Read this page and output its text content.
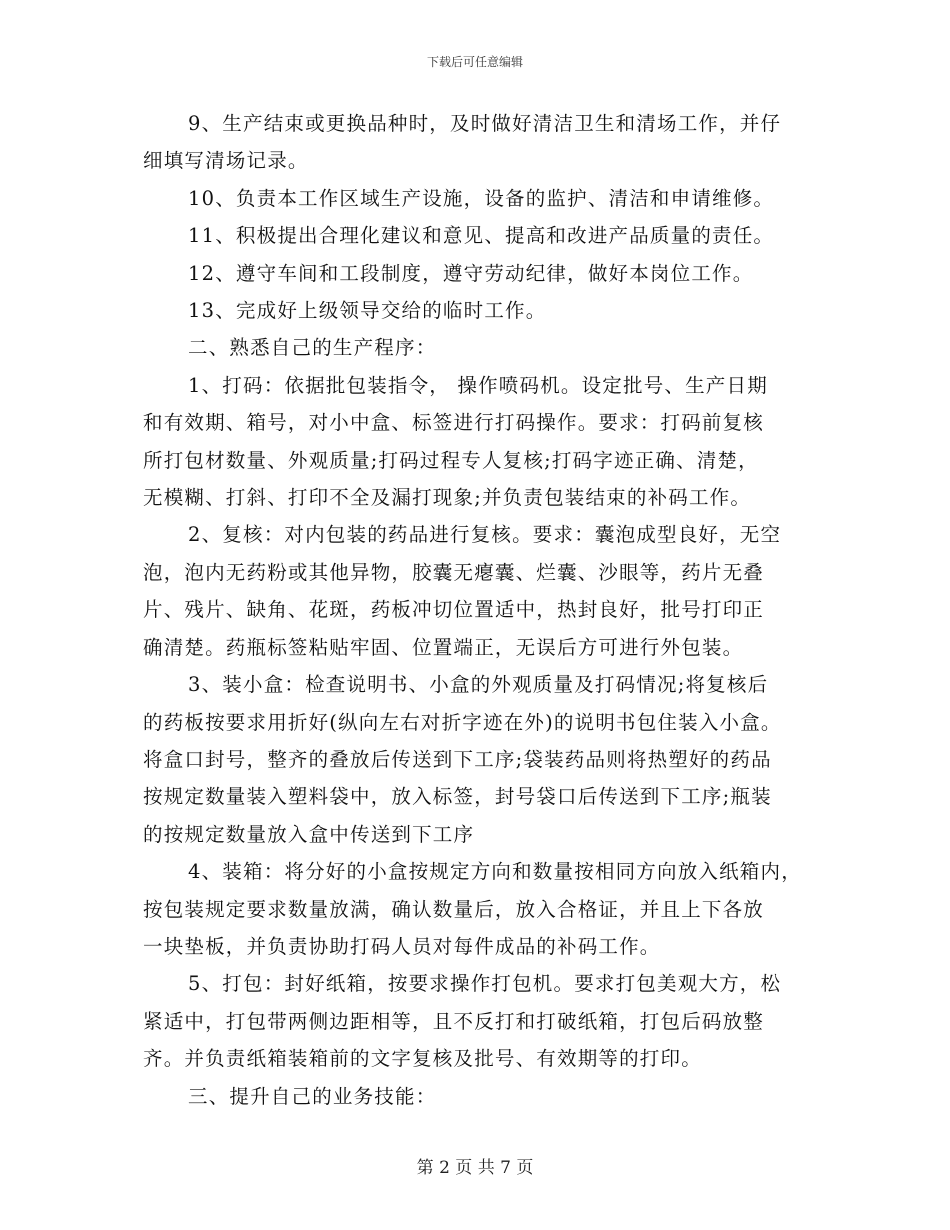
下载后可任意编辑

9、生产结束或更换品种时，及时做好清洁卫生和清场工作，并仔

细填写清场记录。

10、负责本工作区域生产设施，设备的监护、清洁和申请维修。

11、积极提出合理化建议和意见、提高和改进产品质量的责任。

12、遵守车间和工段制度，遵守劳动纪律，做好本岗位工作。

13、完成好上级领导交给的临时工作。

二、熟悉自己的生产程序：

1、打码：依据批包装指令， 操作喷码机。设定批号、生产日期

和有效期、箱号，对小中盒、标签进行打码操作。要求：打码前复核

所打包材数量、外观质量;打码过程专人复核;打码字迹正确、清楚，

无模糊、打斜、打印不全及漏打现象;并负责包装结束的补码工作。

2、复核：对内包装的药品进行复核。要求：囊泡成型良好，无空

泡，泡内无药粉或其他异物，胶囊无瘪囊、烂囊、沙眼等，药片无叠

片、残片、缺角、花斑，药板冲切位置适中，热封良好，批号打印正

确清楚。药瓶标签粘贴牢固、位置端正，无误后方可进行外包装。

3、装小盒：检查说明书、小盒的外观质量及打码情况;将复核后

的药板按要求用折好(纵向左右对折字迹在外)的说明书包住装入小盒。

将盒口封号，整齐的叠放后传送到下工序;袋装药品则将热塑好的药品

按规定数量装入塑料袋中，放入标签，封号袋口后传送到下工序;瓶装

的按规定数量放入盒中传送到下工序

4、装箱：将分好的小盒按规定方向和数量按相同方向放入纸箱内，

按包装规定要求数量放满，确认数量后，放入合格证，并且上下各放

一块垫板，并负责协助打码人员对每件成品的补码工作。

5、打包：封好纸箱，按要求操作打包机。要求打包美观大方，松

紧适中，打包带两侧边距相等，且不反打和打破纸箱，打包后码放整

齐。并负责纸箱装箱前的文字复核及批号、有效期等的打印。

三、提升自己的业务技能：

第 2 页 共 7 页
